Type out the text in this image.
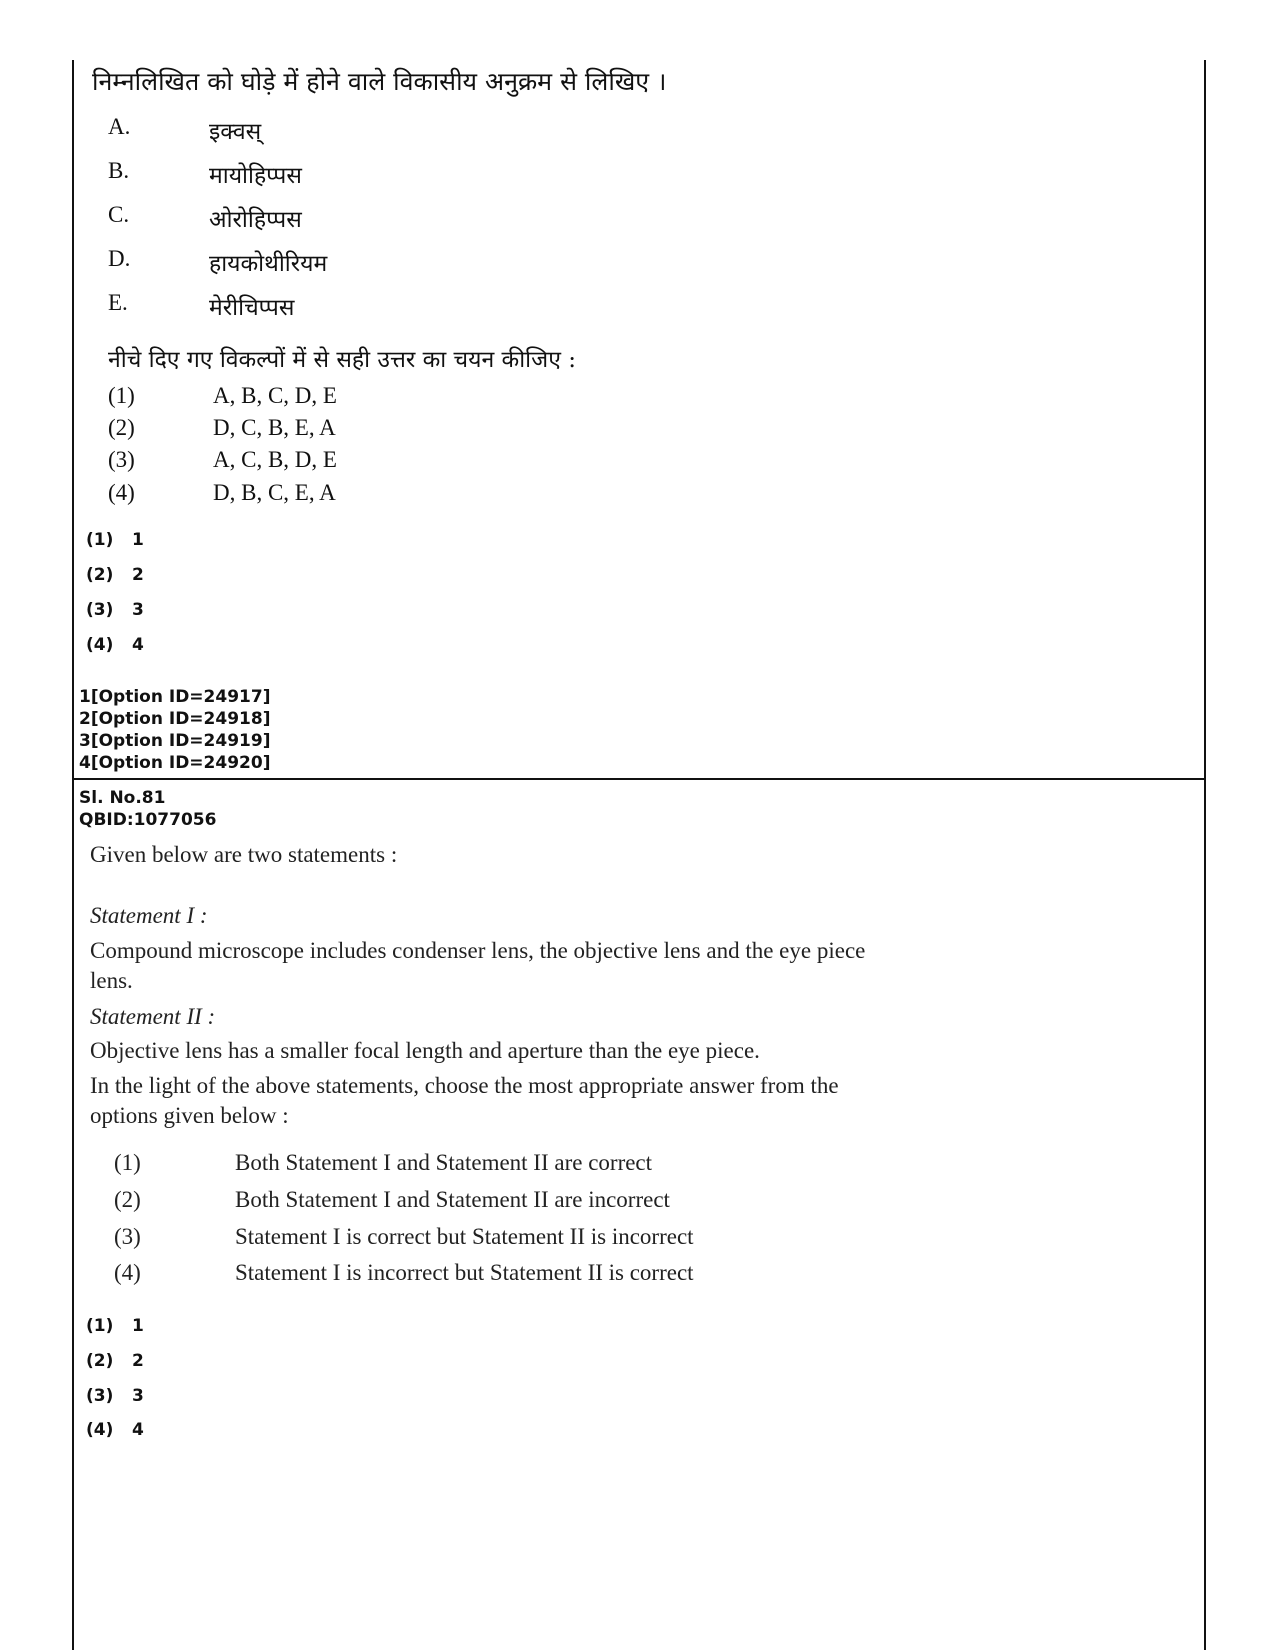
निम्नलिखित को घोड़े में होने वाले विकासीय अनुक्रम से लिखिए ।
A.	इक्वस्
B.	मायोहिप्पस
C.	ओरोहिप्पस
D.	हायकोथीरियम
E.	मेरीचिप्पस
नीचे दिए गए विकल्पों में से सही उत्तर का चयन कीजिए :
(1)	A, B, C, D, E
(2)	D, C, B, E, A
(3)	A, C, B, D, E
(4)	D, B, C, E, A
(1) 1
(2) 2
(3) 3
(4) 4
1[Option ID=24917]
2[Option ID=24918]
3[Option ID=24919]
4[Option ID=24920]
Sl. No.81
QBID:1077056
Given below are two statements :
Statement I :
Compound microscope includes condenser lens, the objective lens and the eye piece
lens.
Statement II :
Objective lens has a smaller focal length and aperture than the eye piece.
In the light of the above statements, choose the most appropriate answer from the
options given below :
(1)	Both Statement I and Statement II are correct
(2)	Both Statement I and Statement II are incorrect
(3)	Statement I is correct but Statement II is incorrect
(4)	Statement I is incorrect but Statement II is correct
(1) 1
(2) 2
(3) 3
(4) 4
